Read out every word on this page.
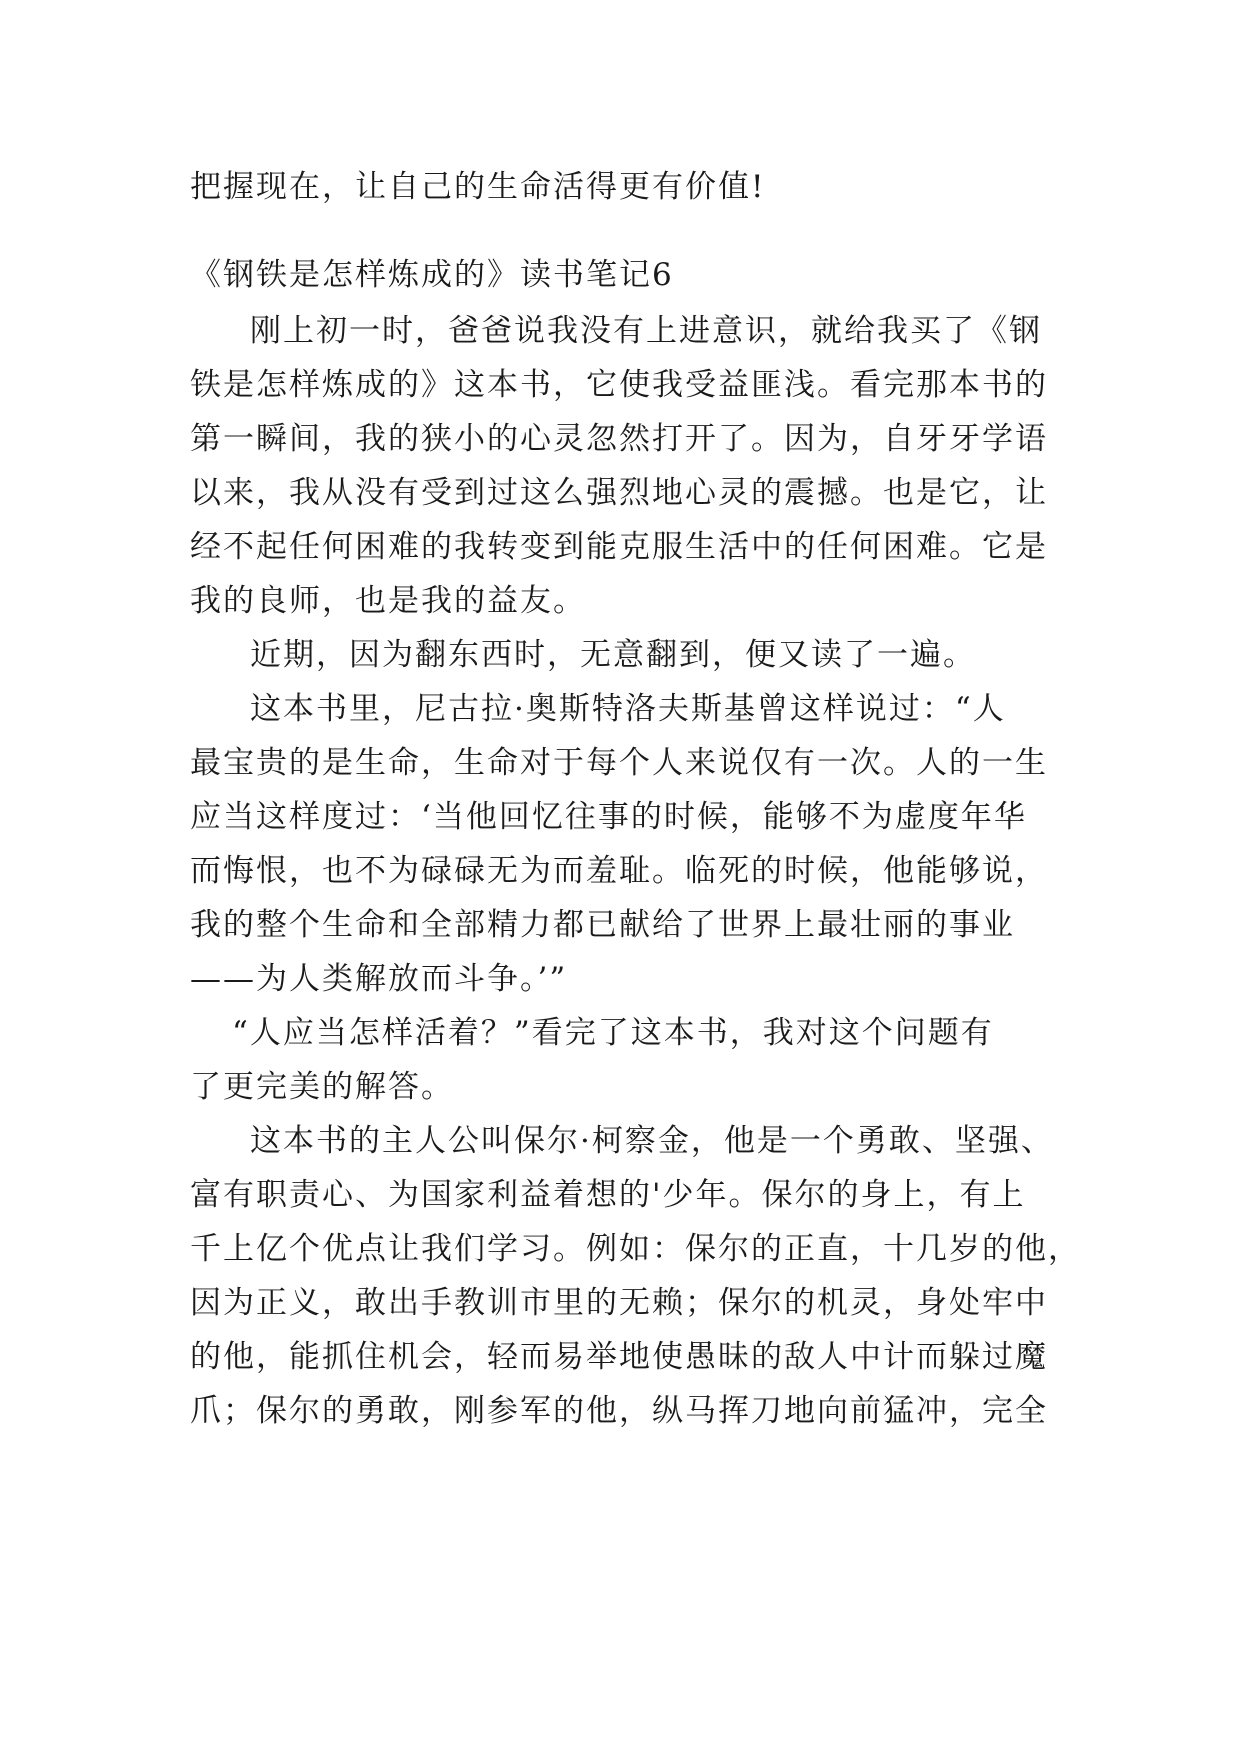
把握现在，让自己的生命活得更有价值!

《钢铁是怎样炼成的》读书笔记6

刚上初一时，爸爸说我没有上进意识，就给我买了《钢

铁是怎样炼成的》这本书，它使我受益匪浅。看完那本书的

第一瞬间，我的狭小的心灵忽然打开了。因为，自牙牙学语

以来，我从没有受到过这么强烈地心灵的震撼。也是它，让

经不起任何困难的我转变到能克服生活中的任何困难。它是

我的良师，也是我的益友。

近期，因为翻东西时，无意翻到，便又读了一遍。

这本书里，尼古拉·奥斯特洛夫斯基曾这样说过：“人

最宝贵的是生命，生命对于每个人来说仅有一次。人的一生

应当这样度过：‘当他回忆往事的时候，能够不为虚度年华

而悔恨，也不为碌碌无为而羞耻。临死的时候，他能够说，

我的整个生命和全部精力都已献给了世界上最壮丽的事业

——为人类解放而斗争。’”

“人应当怎样活着？”看完了这本书，我对这个问题有

了更完美的解答。

这本书的主人公叫保尔·柯察金，他是一个勇敢、坚强、

富有职责心、为国家利益着想的'少年。保尔的身上，有上

千上亿个优点让我们学习。例如：保尔的正直，十几岁的他，

因为正义，敢出手教训市里的无赖；保尔的机灵，身处牢中

的他，能抓住机会，轻而易举地使愚昧的敌人中计而躲过魔

爪；保尔的勇敢，刚参军的他，纵马挥刀地向前猛冲，完全
